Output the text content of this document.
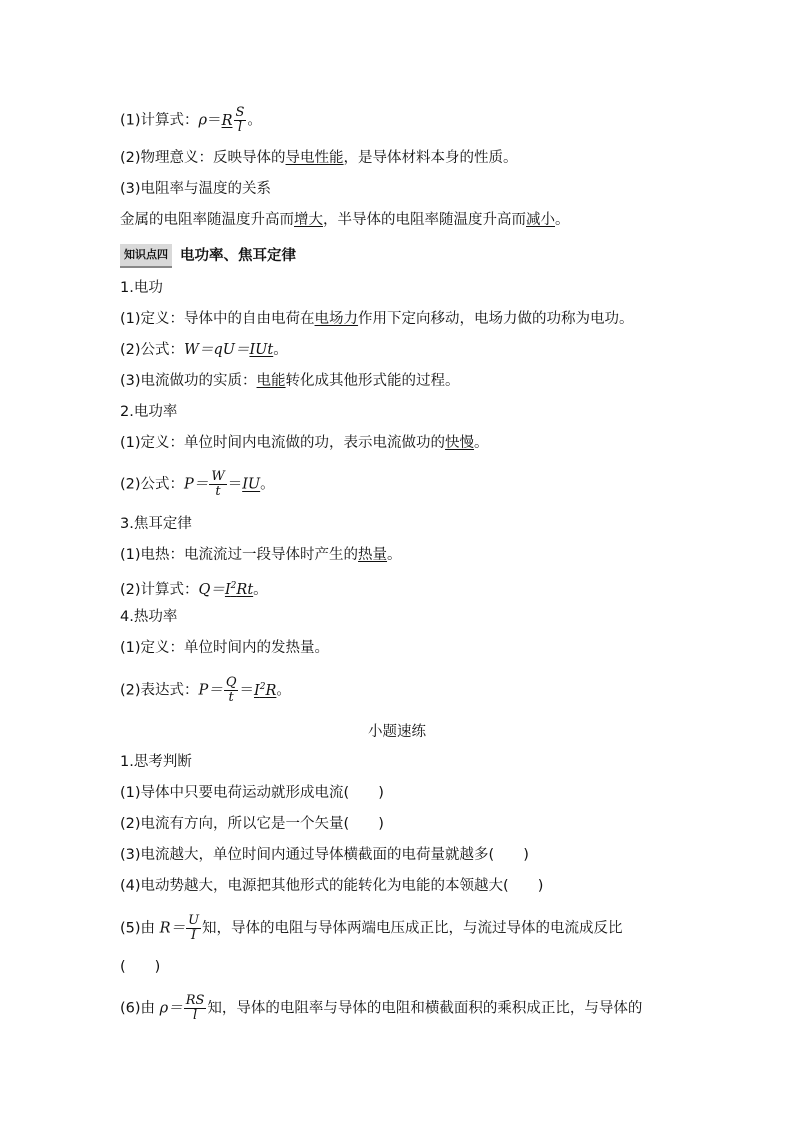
(1)计算式：$\rho=R \frac{S}{l}$ 。
(2)物理意义：反映导体的导电性能，是导体材料本身的性质。
(3)电阻率与温度的关系
金属的电阻率随温度升高而增大，半导体的电阻率随温度升高而减小。
知识点四 电功率、焦耳定律
1.电功
(1)定义：导体中的自由电荷在电场力作用下定向移动，电场力做的功称为电功。
(2)公式：W＝qU＝IUt。
(3)电流做功的实质：电能转化成其他形式能的过程。
2.电功率
(1)定义：单位时间内电流做的功，表示电流做功的快慢。
(2)公式：$P= \frac{W}{t} =IU$。
3.焦耳定律
(1)电热：电流流过一段导体时产生的热量。
(2)计算式：$Q=I^2Rt$。
4.热功率
(1)定义：单位时间内的发热量。
(2)表达式：$P= \frac{Q}{t} =I^2R$。
小题速练
1.思考判断
(1)导体中只要电荷运动就形成电流(　　)
(2)电流有方向，所以它是一个矢量(　　)
(3)电流越大，单位时间内通过导体横截面的电荷量就越多(　　)
(4)电动势越大，电源把其他形式的能转化为电能的本领越大(　　)
(5)由 $R= \frac{U}{I}$ 知，导体的电阻与导体两端电压成正比，与流过导体的电流成反比
(　　)
(6)由 $\rho= \frac{RS}{l}$ 知，导体的电阻率与导体的电阻和横截面积的乘积成正比，与导体的
